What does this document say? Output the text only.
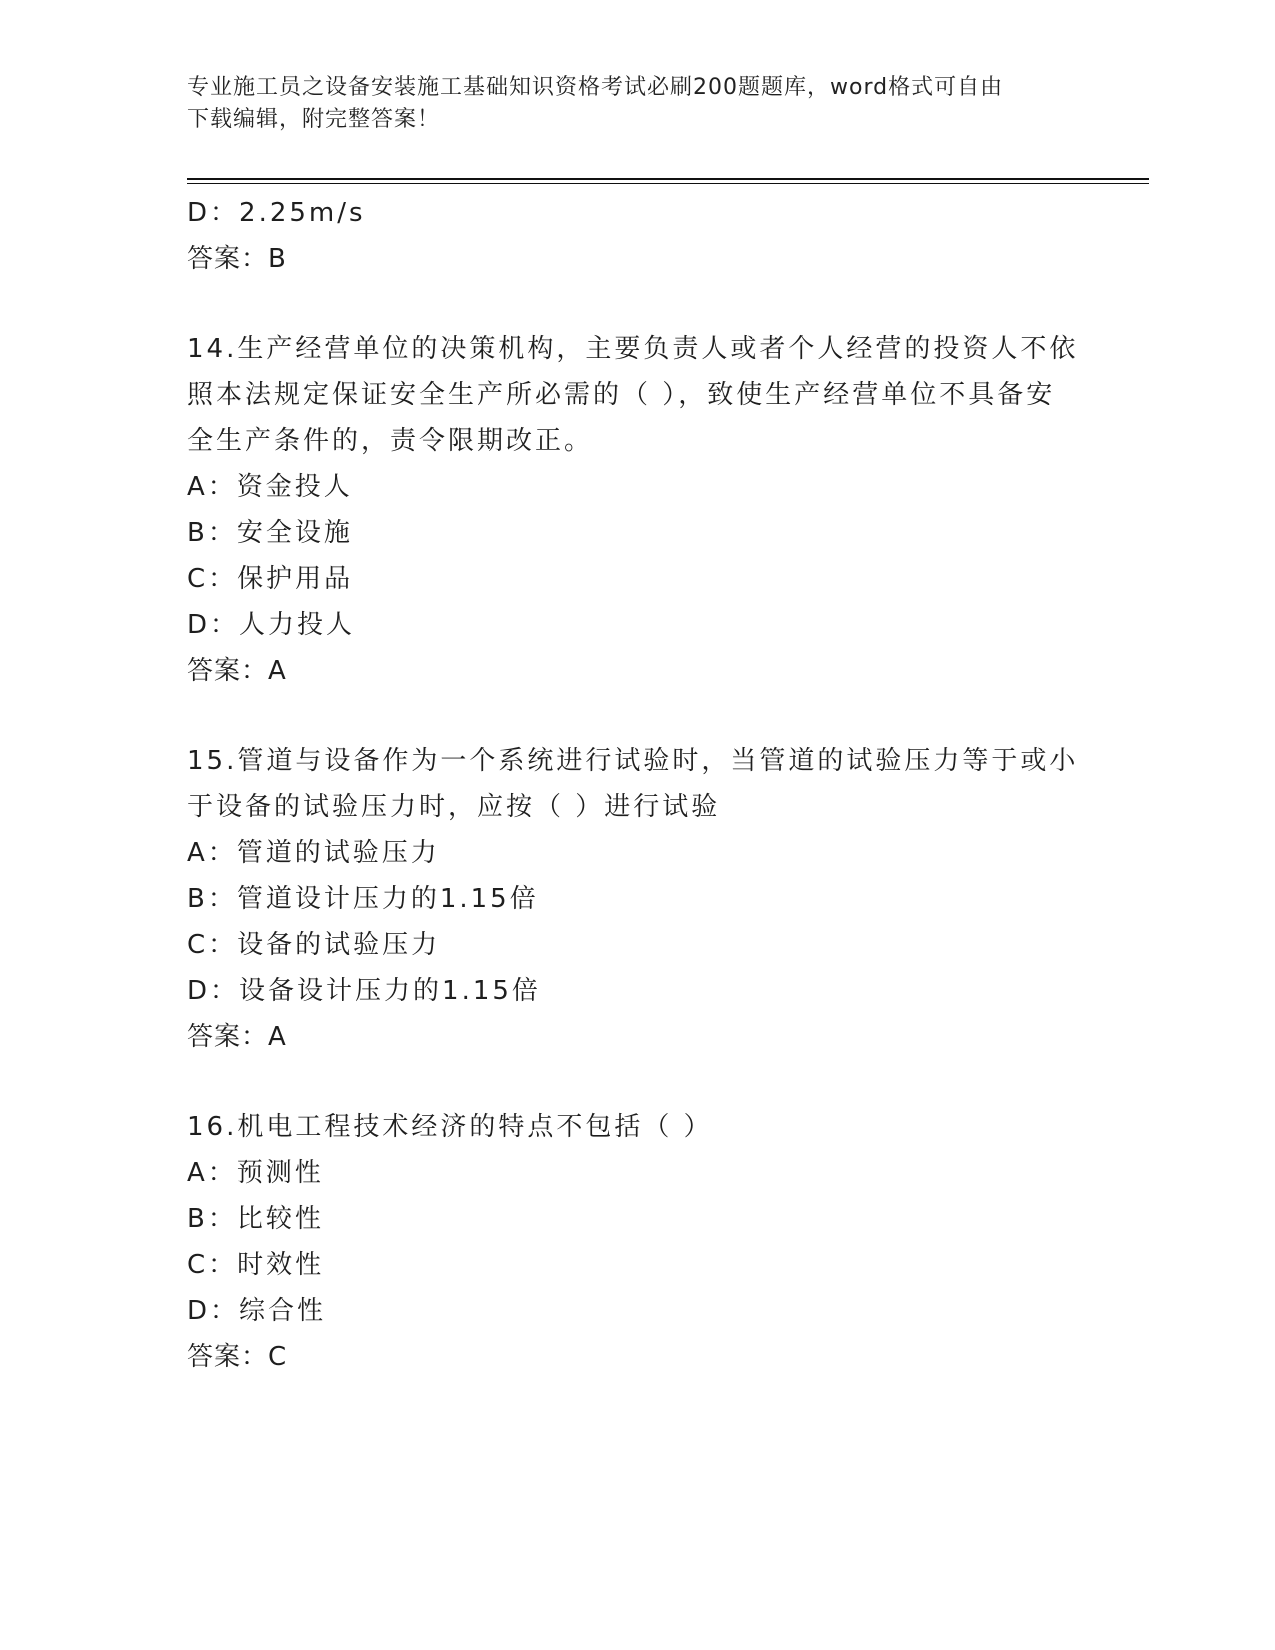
专业施工员之设备安装施工基础知识资格考试必刷200题题库，word格式可自由
下载编辑，附完整答案！
D：2.25m/s
答案：B
14.生产经营单位的决策机构，主要负责人或者个人经营的投资人不依
照本法规定保证安全生产所必需的（ ），致使生产经营单位不具备安
全生产条件的，责令限期改正。
A：资金投人
B：安全设施
C：保护用品
D：人力投人
答案：A
15.管道与设备作为一个系统进行试验时，当管道的试验压力等于或小
于设备的试验压力时，应按（ ）进行试验
A：管道的试验压力
B：管道设计压力的1.15倍
C：设备的试验压力
D：设备设计压力的1.15倍
答案：A
16.机电工程技术经济的特点不包括（ ）
A：预测性
B：比较性
C：时效性
D：综合性
答案：C
